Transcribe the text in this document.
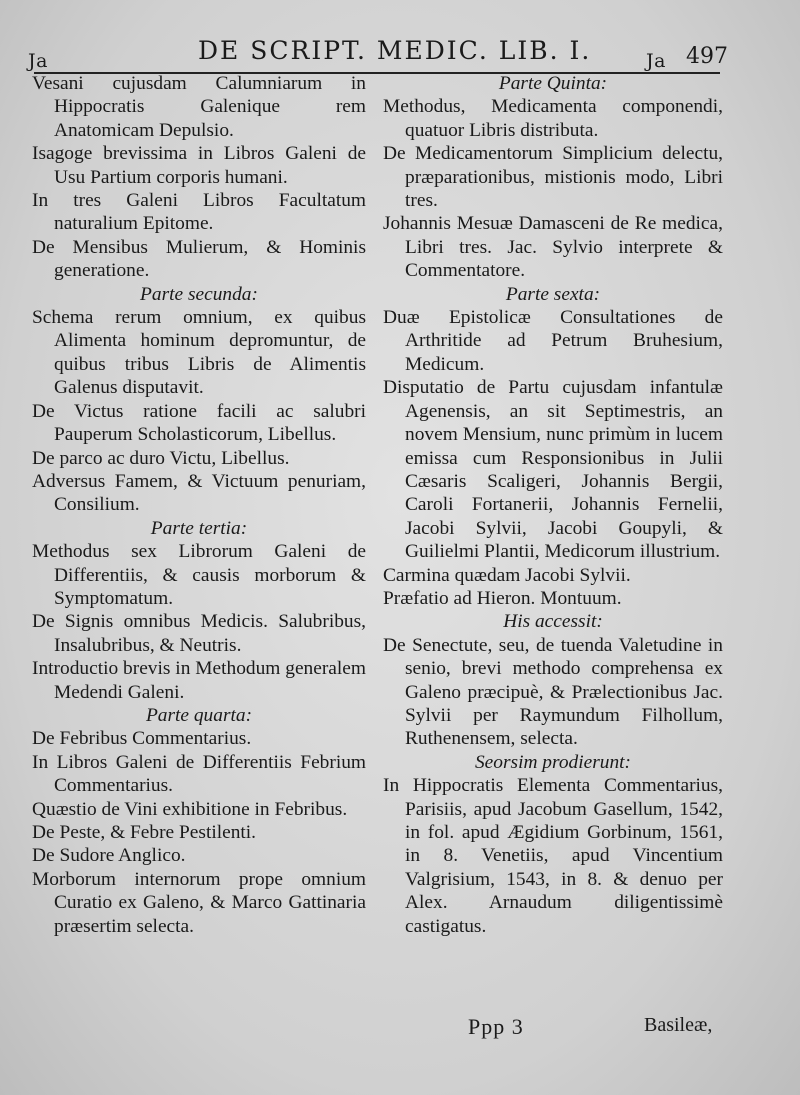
Ja	DE SCRIPT. MEDIC. LIB. I.	Ja 497

Vesani cujusdam Calumniarum in Hippocratis Galenique rem Anatomicam Depulsio.

Isagoge brevissima in Libros Galeni de Usu Partium corporis humani.

In tres Galeni Libros Facultatum naturalium Epitome.

De Mensibus Mulierum, & Hominis generatione.

Parte secunda:

Schema rerum omnium, ex quibus Alimenta hominum depromuntur, de quibus tribus Libris de Alimentis Galenus disputavit.

De Victus ratione facili ac salubri Pauperum Scholasticorum, Libellus.

De parco ac duro Victu, Libellus.

Adversus Famem, & Victuum penuriam, Consilium.

Parte tertia:

Methodus sex Librorum Galeni de Differentiis, & causis morborum & Symptomatum.

De Signis omnibus Medicis. Salubribus, Insalubribus, & Neutris.

Introductio brevis in Methodum generalem Medendi Galeni.

Parte quarta:

De Febribus Commentarius.

In Libros Galeni de Differentiis Febrium Commentarius.

Quæstio de Vini exhibitione in Febribus.

De Peste, & Febre Pestilenti.

De Sudore Anglico.

Morborum internorum prope omnium Curatio ex Galeno, & Marco Gattinaria præsertim selecta.

Parte Quinta:

Methodus, Medicamenta componendi, quatuor Libris distributa.

De Medicamentorum Simplicium delectu, præparationibus, mistionis modo, Libri tres.

Johannis Mesuæ Damasceni de Re medica, Libri tres. Jac. Sylvio interprete & Commentatore.

Parte sexta:

Duæ Epistolicæ Consultationes de Arthritide ad Petrum Bruhesium, Medicum.

Disputatio de Partu cujusdam infantulæ Agenensis, an sit Septimestris, an novem Mensium, nunc primùm in lucem emissa cum Responsionibus in Julii Cæsaris Scaligeri, Johannis Bergii, Caroli Fortanerii, Johannis Fernelii, Jacobi Sylvii, Jacobi Goupyli, & Guilielmi Plantii, Medicorum illustrium.

Carmina quædam Jacobi Sylvii.

Præfatio ad Hieron. Montuum.

His accessit:

De Senectute, seu, de tuenda Valetudine in senio, brevi methodo comprehensa ex Galeno præcipuè, & Prælectionibus Jac. Sylvii per Raymundum Filhollum, Ruthenensem, selecta.

Seorsim prodierunt:

In Hippocratis Elementa Commentarius, Parisiis, apud Jacobum Gasellum, 1542, in fol. apud Ægidium Gorbinum, 1561, in 8. Venetiis, apud Vincentium Valgrisium, 1543, in 8. & denuo per Alex. Arnaudum diligentissimè castigatus.

Ppp 3	Basileæ,
